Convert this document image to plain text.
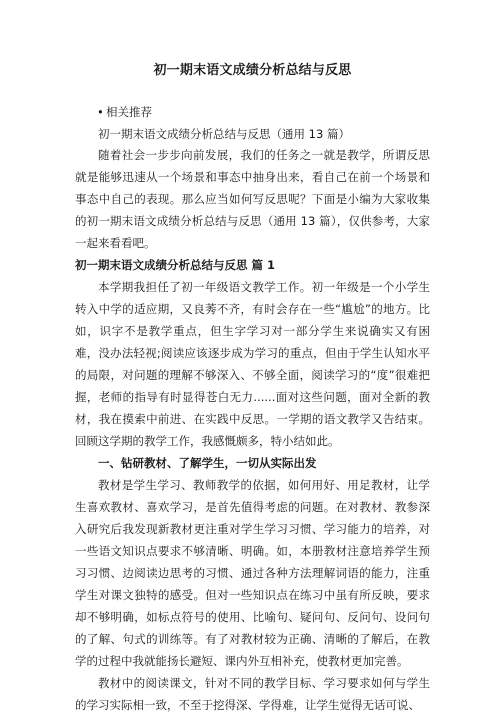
初一期末语文成绩分析总结与反思
• 相关推荐
初一期末语文成绩分析总结与反思（通用 13 篇）

随着社会一步步向前发展，我们的任务之一就是教学，所谓反思就是能够迅速从一个场景和事态中抽身出来，看自己在前一个场景和事态中自己的表现。那么应当如何写反思呢？下面是小编为大家收集的初一期末语文成绩分析总结与反思（通用 13 篇），仅供参考，大家一起来看看吧。

初一期末语文成绩分析总结与反思 篇 1

本学期我担任了初一年级语文教学工作。初一年级是一个小学生转入中学的适应期，又良莠不齐，有时会存在一些“尴尬”的地方。比如，识字不是教学重点，但生字学习对一部分学生来说确实又有困难，没办法轻视;阅读应该逐步成为学习的重点，但由于学生认知水平的局限，对问题的理解不够深入、不够全面，阅读学习的“度”很难把握，老师的指导有时显得苍白无力......面对这些问题，面对全新的教材，我在摸索中前进、在实践中反思。一学期的语文教学又告结束。回顾这学期的教学工作，我感慨颇多，特小结如此。

一、钻研教材、了解学生，一切从实际出发

教材是学生学习、教师教学的依据，如何用好、用足教材，让学生喜欢教材、喜欢学习，是首先值得考虑的问题。在对教材、教参深入研究后我发现新教材更注重对学生学习习惯、学习能力的培养，对一些语文知识点要求不够清晰、明确。如，本册教材注意培养学生预习习惯、边阅读边思考的习惯、通过各种方法理解词语的能力，注重学生对课文独特的感受。但对一些知识点在练习中虽有所反映，要求却不够明确，如标点符号的使用、比喻句、疑问句、反问句、设问句的了解、句式的训练等。有了对教材较为正确、清晰的了解后，在教学的过程中我就能扬长避短、课内外互相补充，使教材更加完善。

教材中的阅读课文，针对不同的教学目标、学习要求如何与学生的学习实际相一致，不至于挖得深、学得难，让学生觉得无话可说、
